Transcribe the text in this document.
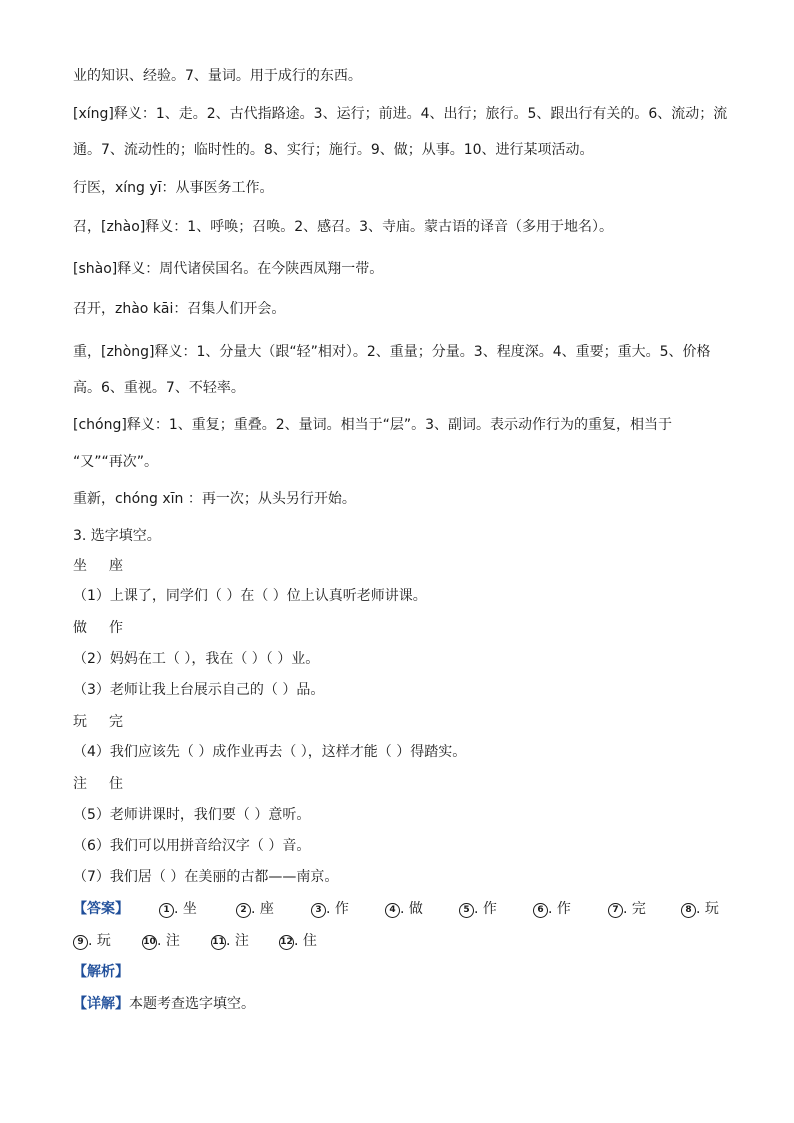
业的知识、经验。7、量词。用于成行的东西。
[xíng]释义：1、走。2、古代指路途。3、运行；前进。4、出行；旅行。5、跟出行有关的。6、流动；流
通。7、流动性的；临时性的。8、实行；施行。9、做；从事。10、进行某项活动。
行医，xíng yī：从事医务工作。
召，[zhào]释义：1、呼唤；召唤。2、感召。3、寺庙。蒙古语的译音（多用于地名）。
[shào]释义：周代诸侯国名。在今陕西凤翔一带。
召开，zhào kāi：召集人们开会。
重，[zhòng]释义：1、分量大（跟“轻”相对）。2、重量；分量。3、程度深。4、重要；重大。5、价格
高。6、重视。7、不轻率。
[chóng]释义：1、重复；重叠。2、量词。相当于“层”。3、副词。表示动作行为的重复，相当于
“又”“再次”。
重新，chóng xīn ：再一次；从头另行开始。
3. 选字填空。
坐 座
（1）上课了，同学们（ ）在（ ）位上认真听老师讲课。
做 作
（2）妈妈在工（ ），我在（ ）（ ）业。
（3）老师让我上台展示自己的（ ）品。
玩 完
（4）我们应该先（ ）成作业再去（ ），这样才能（ ）得踏实。
注 住
（5）老师讲课时，我们要（ ）意听。
（6）我们可以用拼音给汉字（ ）音。
（7）我们居（ ）在美丽的古都——南京。
【答案】	1 . 坐	2 . 座	3 . 作	4 . 做	5 . 作	6 . 作	7 . 完	8 . 玩
9 . 玩	10. 注	11. 注	12. 住
【解析】
【详解】本题考查选字填空。
